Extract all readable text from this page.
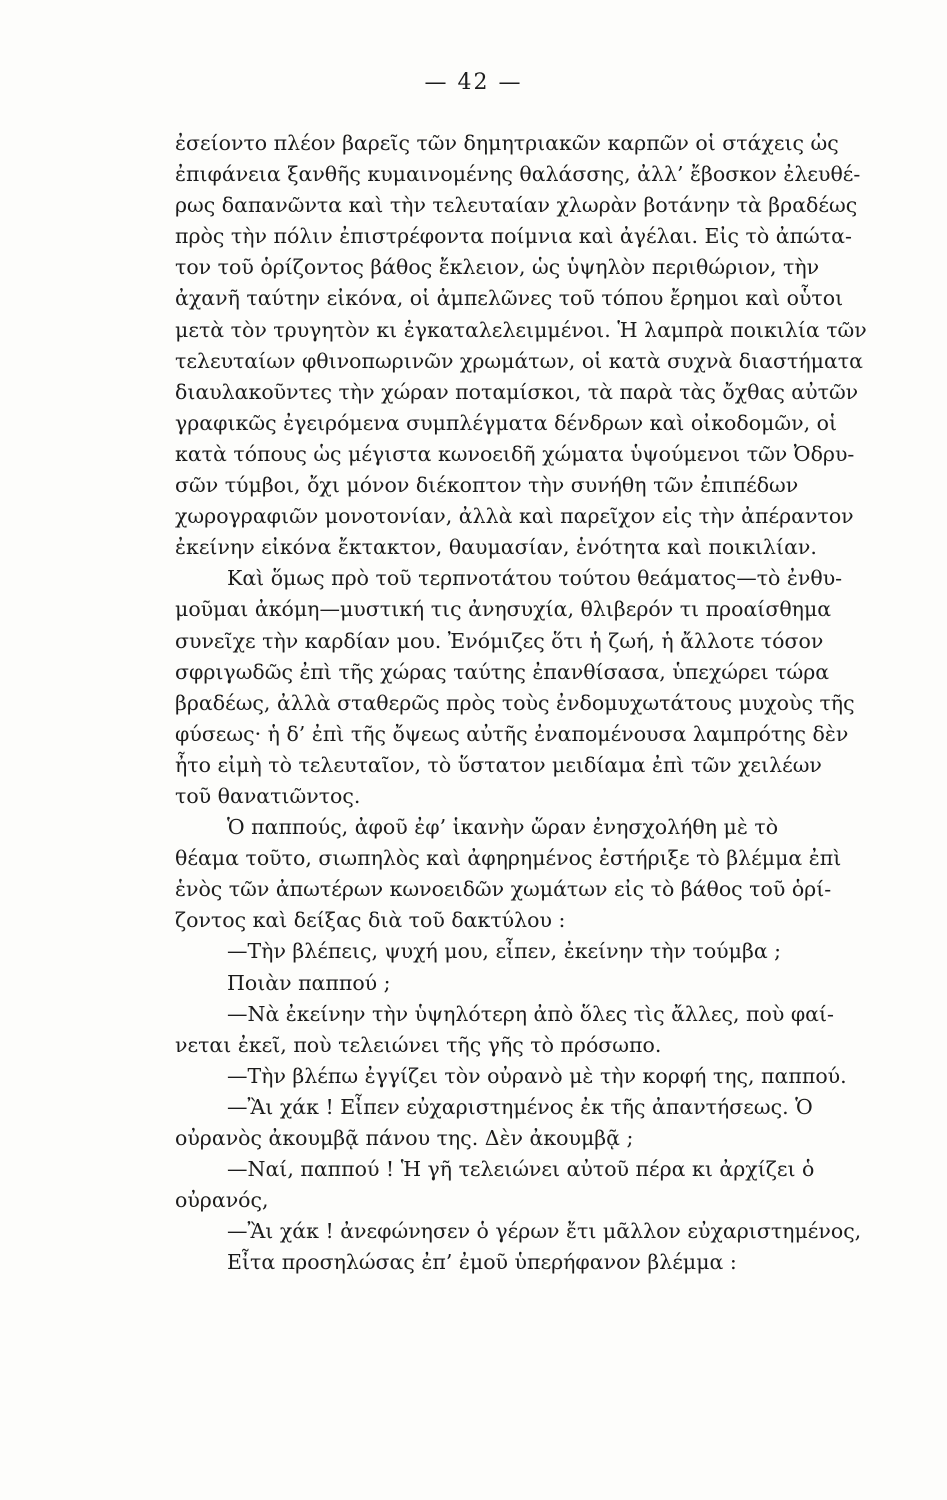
— 42 —
ἐσείοντο πλέον βαρεῖς τῶν δημητριακῶν καρπῶν οἱ στάχεις ὡς
ἐπιφάνεια ξανθῆς κυμαινομένης θαλάσσης, ἀλλ’ ἔβοσκον ἐλευθέ-
ρως δαπανῶντα καὶ τὴν τελευταίαν χλωρὰν βοτάνην τὰ βραδέως
πρὸς τὴν πόλιν ἐπιστρέφοντα ποίμνια καὶ ἀγέλαι. Εἰς τὸ ἀπώτα-
τον τοῦ ὁρίζοντος βάθος ἔκλειον, ὡς ὑψηλὸν περιθώριον, τὴν
ἀχανῆ ταύτην εἰκόνα, οἱ ἀμπελῶνες τοῦ τόπου ἔρημοι καὶ οὗτοι
μετὰ τὸν τρυγητὸν κι ἐγκαταλελειμμένοι. Ἡ λαμπρὰ ποικιλία τῶν
τελευταίων φθινοπωρινῶν χρωμάτων, οἱ κατὰ συχνὰ διαστήματα
διαυλακοῦντες τὴν χώραν ποταμίσκοι, τὰ παρὰ τὰς ὄχθας αὐτῶν
γραφικῶς ἐγειρόμενα συμπλέγματα δένδρων καὶ οἰκοδομῶν, οἱ
κατὰ τόπους ὡς μέγιστα κωνοειδῆ χώματα ὑψούμενοι τῶν Ὀδρυ-
σῶν τύμβοι, ὄχι μόνον διέκοπτον τὴν συνήθη τῶν ἐπιπέδων
χωρογραφιῶν μονοτονίαν, ἀλλὰ καὶ παρεῖχον εἰς τὴν ἀπέραντον
ἐκείνην εἰκόνα ἔκτακτον, θαυμασίαν, ἑνότητα καὶ ποικιλίαν.
Καὶ ὅμως πρὸ τοῦ τερπνοτάτου τούτου θεάματος—τὸ ἐνθυ-
μοῦμαι ἀκόμη—μυστική τις ἀνησυχία, θλιβερόν τι προαίσθημα
συνεῖχε τὴν καρδίαν μου. Ἐνόμιζες ὅτι ἡ ζωή, ἡ ἄλλοτε τόσον
σφριγωδῶς ἐπὶ τῆς χώρας ταύτης ἐπανθίσασα, ὑπεχώρει τώρα
βραδέως, ἀλλὰ σταθερῶς πρὸς τοὺς ἐνδομυχωτάτους μυχοὺς τῆς
φύσεως· ἡ δ’ ἐπὶ τῆς ὄψεως αὐτῆς ἐναπομένουσα λαμπρότης δὲν
ἦτο εἰμὴ τὸ τελευταῖον, τὸ ὕστατον μειδίαμα ἐπὶ τῶν χειλέων
τοῦ θανατιῶντος.
Ὁ παππούς, ἀφοῦ ἐφ’ ἱκανὴν ὥραν ἐνησχολήθη μὲ τὸ
θέαμα τοῦτο, σιωπηλὸς καὶ ἀφηρημένος ἐστήριξε τὸ βλέμμα ἐπὶ
ἑνὸς τῶν ἀπωτέρων κωνοειδῶν χωμάτων εἰς τὸ βάθος τοῦ ὁρί-
ζοντος καὶ δείξας διὰ τοῦ δακτύλου :
—Τὴν βλέπεις, ψυχή μου, εἶπεν, ἐκείνην τὴν τούμβα ;
Ποιὰν παππού ;
—Νὰ ἐκείνην τὴν ὑψηλότερη ἀπὸ ὅλες τὶς ἄλλες, ποὺ φαί-
νεται ἐκεῖ, ποὺ τελειώνει τῆς γῆς τὸ πρόσωπο.
—Τὴν βλέπω ἐγγίζει τὸν οὐρανὸ μὲ τὴν κορφή της, παππού.
—Ἂι χάκ ! Εἶπεν εὐχαριστημένος ἐκ τῆς ἀπαντήσεως. Ὁ
οὐρανὸς ἀκουμβᾷ πάνου της. Δὲν ἀκουμβᾷ ;
—Ναί, παππού ! Ἡ γῆ τελειώνει αὐτοῦ πέρα κι ἀρχίζει ὁ
οὐρανός,
—Ἂι χάκ ! ἀνεφώνησεν ὁ γέρων ἔτι μᾶλλον εὐχαριστημένος,
Εἶτα προσηλώσας ἐπ’ ἐμοῦ ὑπερήφανον βλέμμα :
